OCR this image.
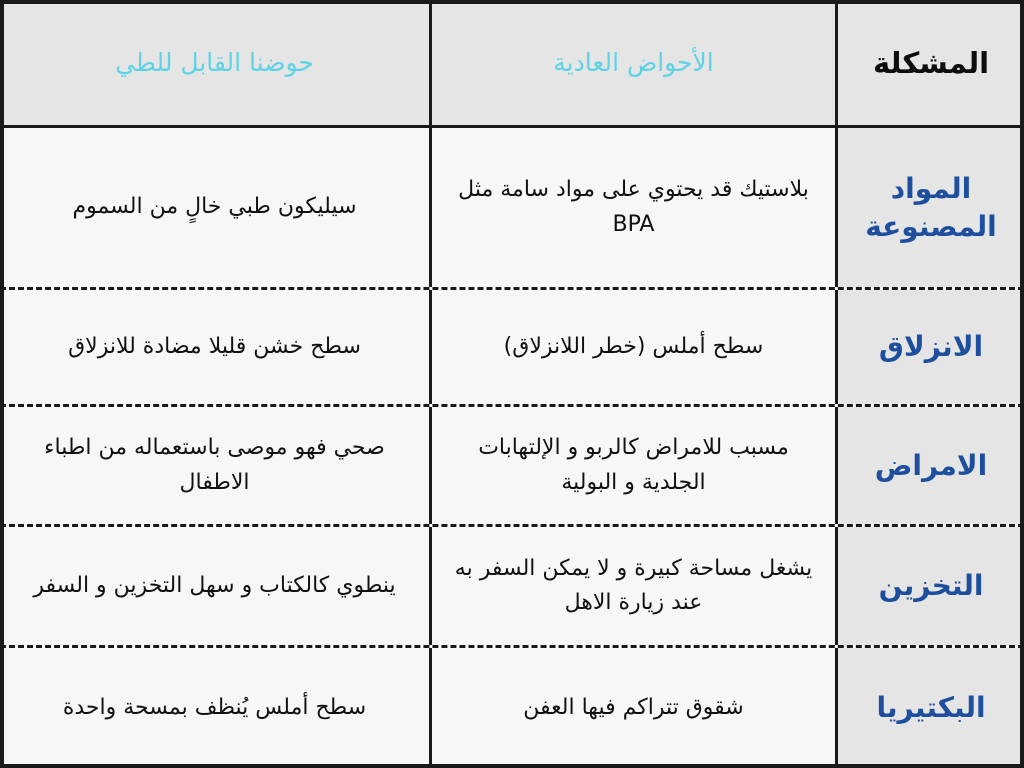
المشكلة
الأحواض العادية
حوضنا القابل للطي
المواد المصنوعة
بلاستيك قد يحتوي على مواد سامة مثل BPA
سيليكون طبي خالٍ من السموم
الانزلاق
سطح أملس (خطر اللانزلاق)
سطح خشن قليلا مضادة للانزلاق
الامراض
مسبب للامراض كالربو و الإلتهابات الجلدية و البولية
صحي فهو موصى باستعماله من اطباء الاطفال
التخزين
يشغل مساحة كبيرة و لا يمكن السفر به عند زيارة الاهل
ينطوي كالكتاب و سهل التخزين و السفر
البكتيريا
شقوق تتراكم فيها العفن
سطح أملس يُنظف بمسحة واحدة
